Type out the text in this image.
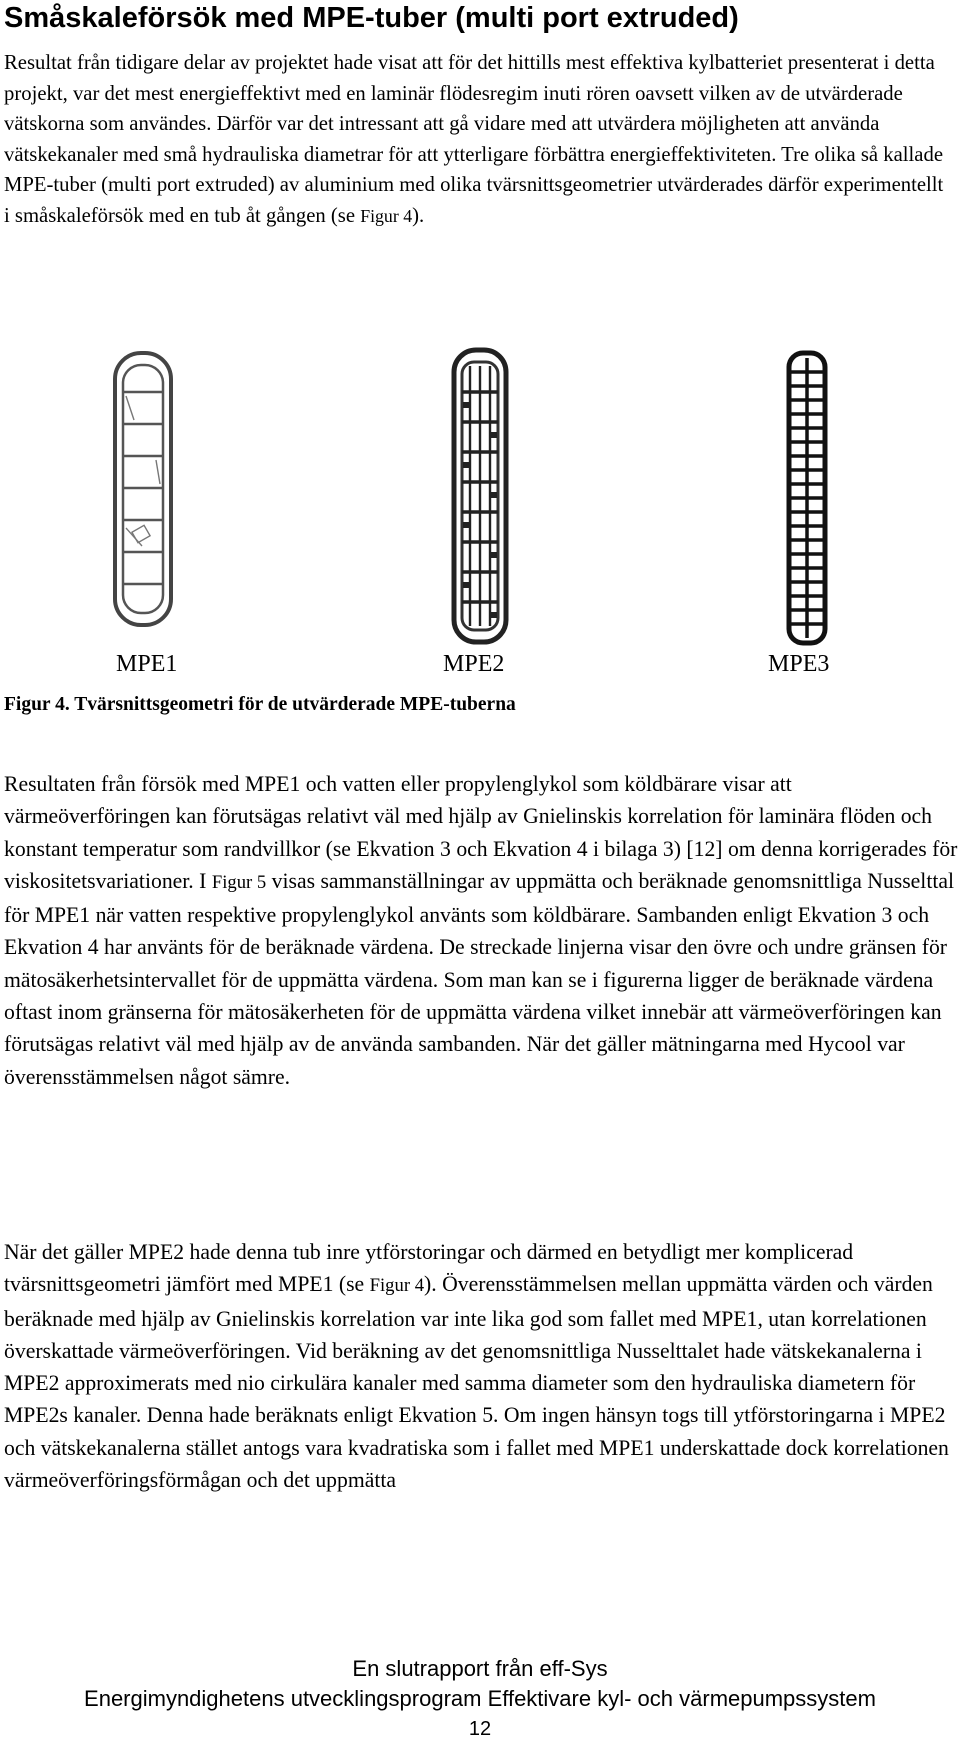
Småskaleförsök med MPE-tuber (multi port extruded)

Resultat från tidigare delar av projektet hade visat att för det hittills mest effektiva kylbatteriet presenterat i detta projekt, var det mest energieffektivt med en laminär flödesregim inuti rören oavsett vilken av de utvärderade vätskorna som användes. Därför var det intressant att gå vidare med att utvärdera möjligheten att använda vätskekanaler med små hydrauliska diametrar för att ytterligare förbättra energieffektiviteten. Tre olika så kallade MPE-tuber (multi port extruded) av aluminium med olika tvärsnittsgeometrier utvärderades därför experimentellt i småskaleförsök med en tub åt gången (se Figur 4).

MPE1	MPE2	MPE3
Figur 4. Tvärsnittsgeometri för de utvärderade MPE-tuberna

Resultaten från försök med MPE1 och vatten eller propylenglykol som köldbärare visar att värmeöverföringen kan förutsägas relativt väl med hjälp av Gnielinskis korrelation för laminära flöden och konstant temperatur som randvillkor (se Ekvation 3 och Ekvation 4 i bilaga 3) [12] om denna korrigerades för viskositetsvariationer. I Figur 5 visas sammanställningar av uppmätta och beräknade genomsnittliga Nusselttal för MPE1 när vatten respektive propylenglykol använts som köldbärare. Sambanden enligt Ekvation 3 och Ekvation 4 har använts för de beräknade värdena. De streckade linjerna visar den övre och undre gränsen för mätosäkerhetsintervallet för de uppmätta värdena. Som man kan se i figurerna ligger de beräknade värdena oftast inom gränserna för mätosäkerheten för de uppmätta värdena vilket innebär att värmeöverföringen kan förutsägas relativt väl med hjälp av de använda sambanden. När det gäller mätningarna med Hycool var överensstämmelsen något sämre.

När det gäller MPE2 hade denna tub inre ytförstoringar och därmed en betydligt mer komplicerad tvärsnittsgeometri jämfört med MPE1 (se Figur 4). Överensstämmelsen mellan uppmätta värden och värden beräknade med hjälp av Gnielinskis korrelation var inte lika god som fallet med MPE1, utan korrelationen överskattade värmeöverföringen. Vid beräkning av det genomsnittliga Nusselttalet hade vätskekanalerna i MPE2 approximerats med nio cirkulära kanaler med samma diameter som den hydrauliska diametern för MPE2s kanaler. Denna hade beräknats enligt Ekvation 5. Om ingen hänsyn togs till ytförstoringarna i MPE2 och vätskekanalerna stället antogs vara kvadratiska som i fallet med MPE1 underskattade dock korrelationen värmeöverföringsförmågan och det uppmätta

En slutrapport från eff-Sys
Energimyndighetens utvecklingsprogram Effektivare kyl- och värmepumpssystem
12
